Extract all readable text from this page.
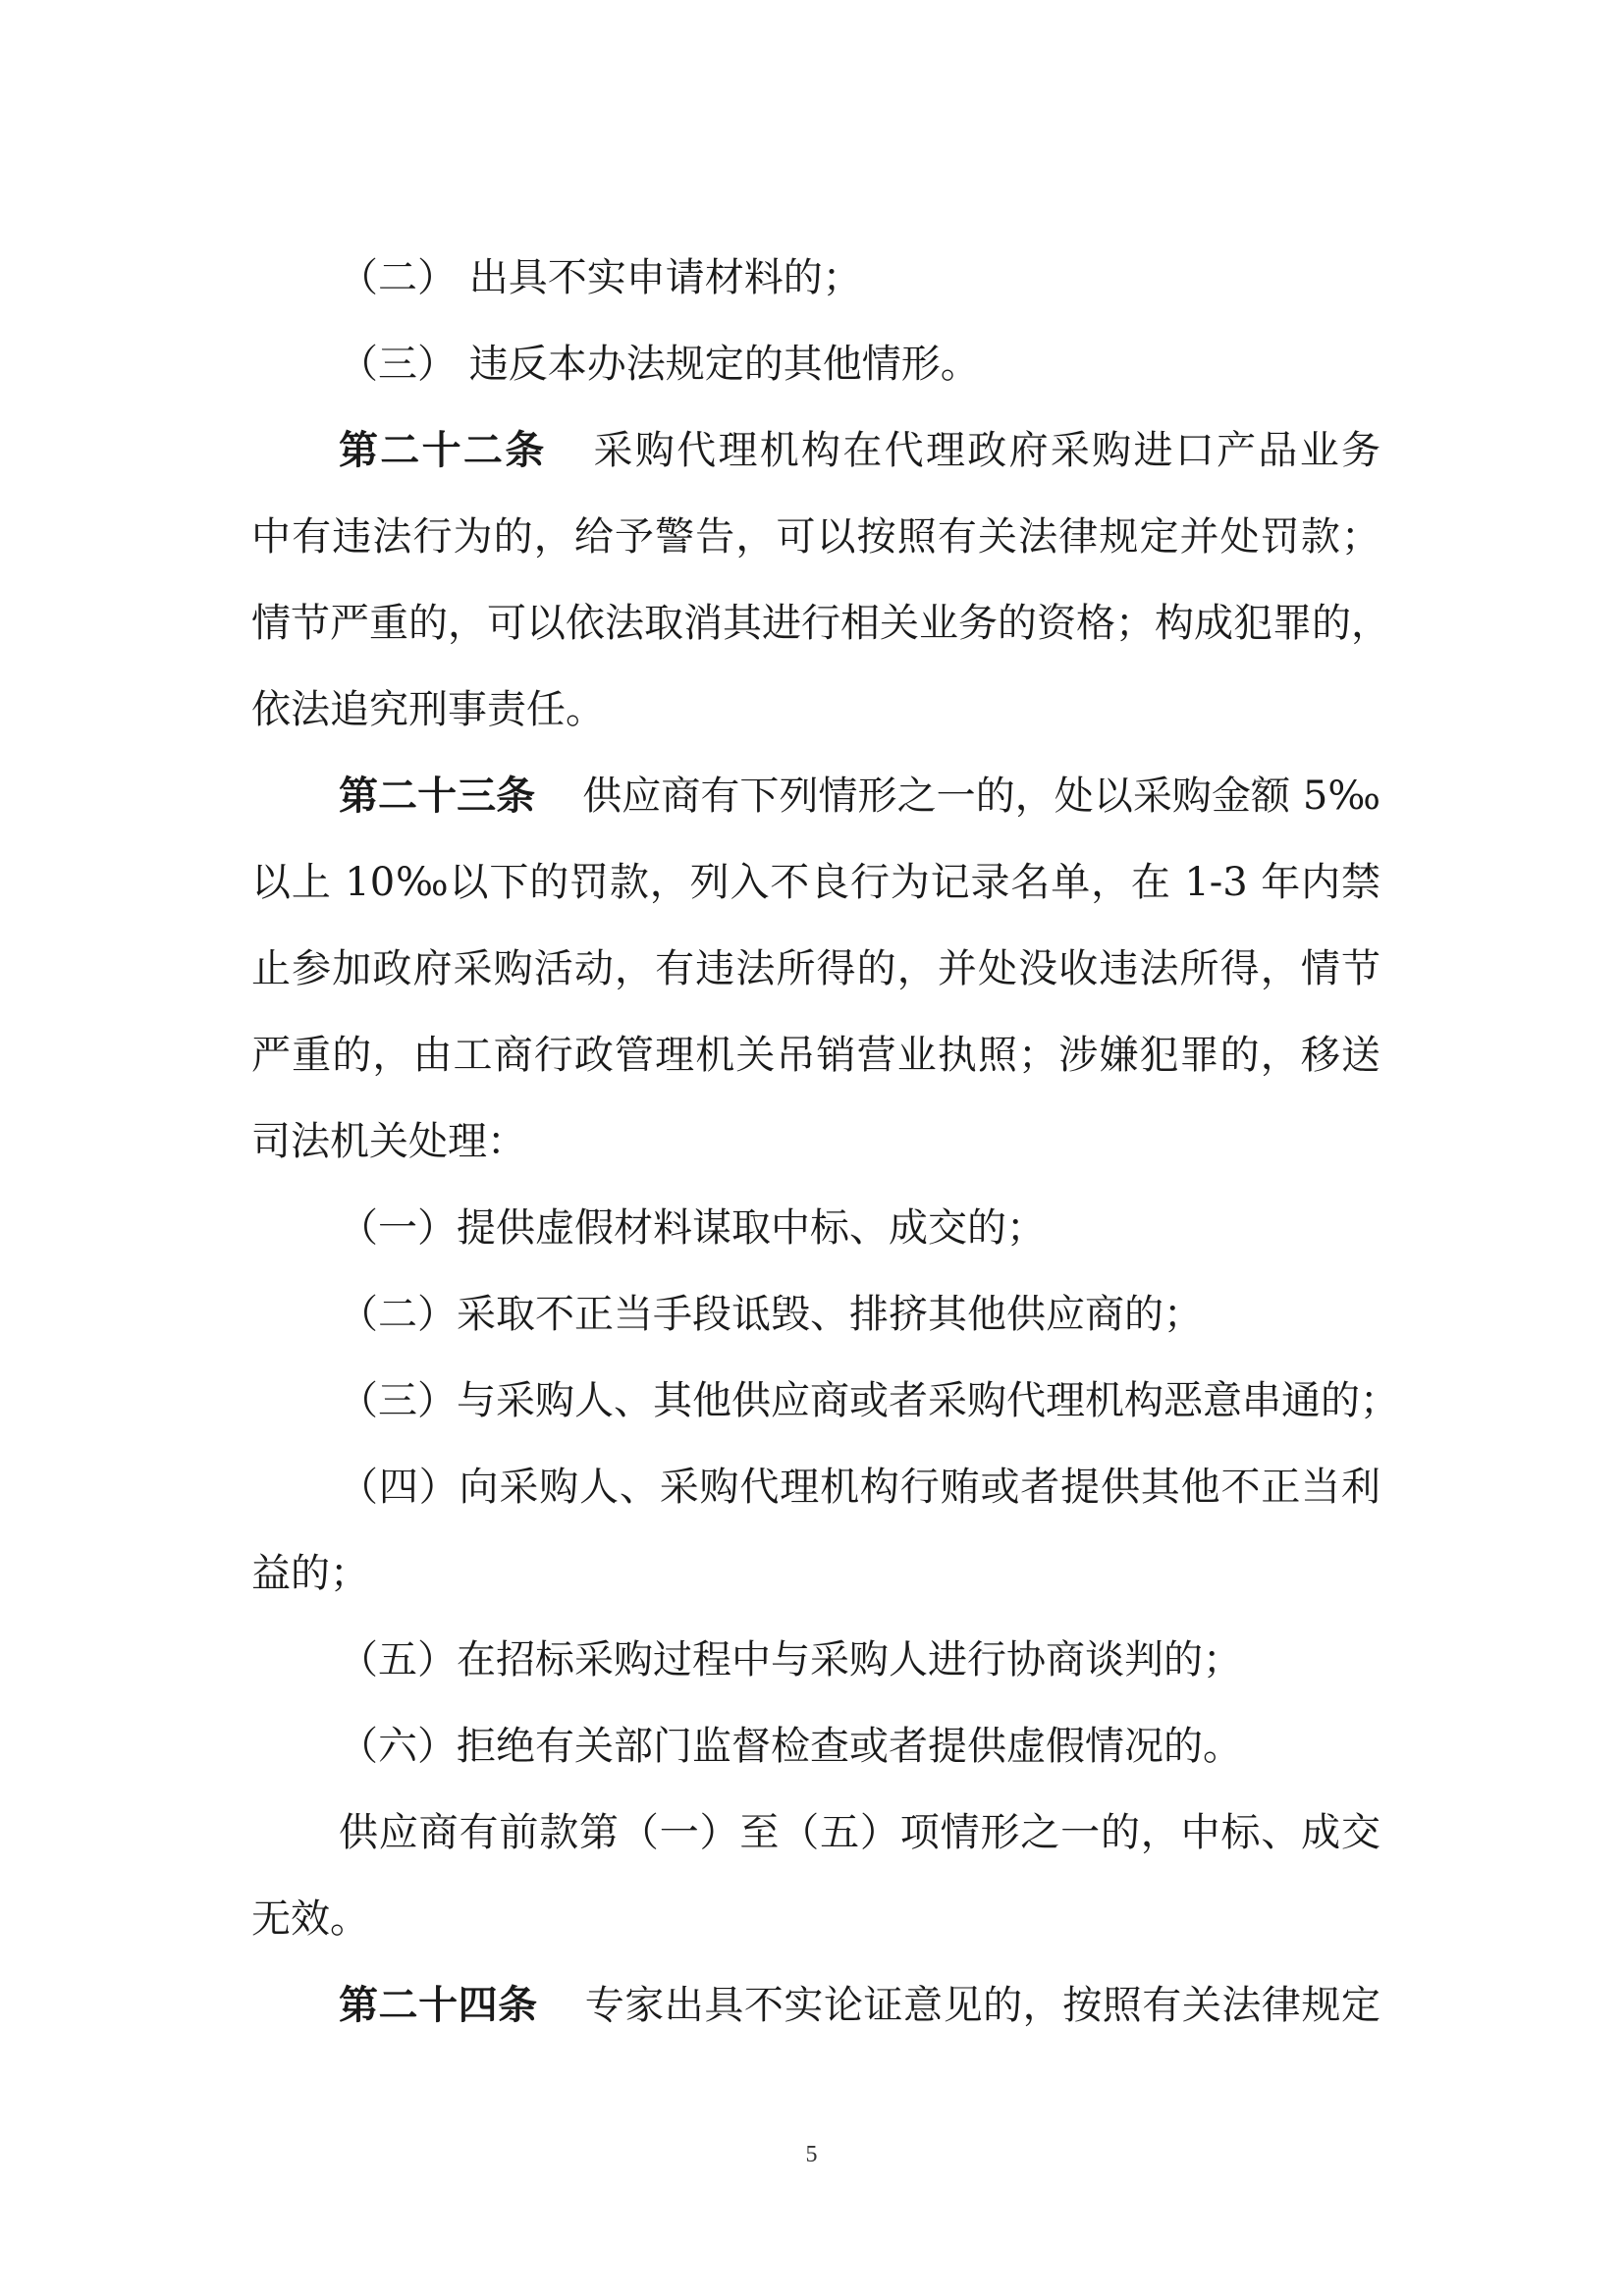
（二） 出具不实申请材料的；
（三） 违反本办法规定的其他情形。
第二十二条 采购代理机构在代理政府采购进口产品业务
中有违法行为的，给予警告，可以按照有关法律规定并处罚款；
情节严重的，可以依法取消其进行相关业务的资格；构成犯罪的，
依法追究刑事责任。
第二十三条 供应商有下列情形之一的，处以采购金额 5‰
以上 10‰以下的罚款，列入不良行为记录名单，在 1-3 年内禁
止参加政府采购活动，有违法所得的，并处没收违法所得，情节
严重的，由工商行政管理机关吊销营业执照；涉嫌犯罪的，移送
司法机关处理：
（一）提供虚假材料谋取中标、成交的；
（二）采取不正当手段诋毁、排挤其他供应商的；
（三）与采购人、其他供应商或者采购代理机构恶意串通的；
（四）向采购人、采购代理机构行贿或者提供其他不正当利
益的；
（五）在招标采购过程中与采购人进行协商谈判的；
（六）拒绝有关部门监督检查或者提供虚假情况的。
供应商有前款第（一）至（五）项情形之一的，中标、成交
无效。
第二十四条 专家出具不实论证意见的，按照有关法律规定
5
